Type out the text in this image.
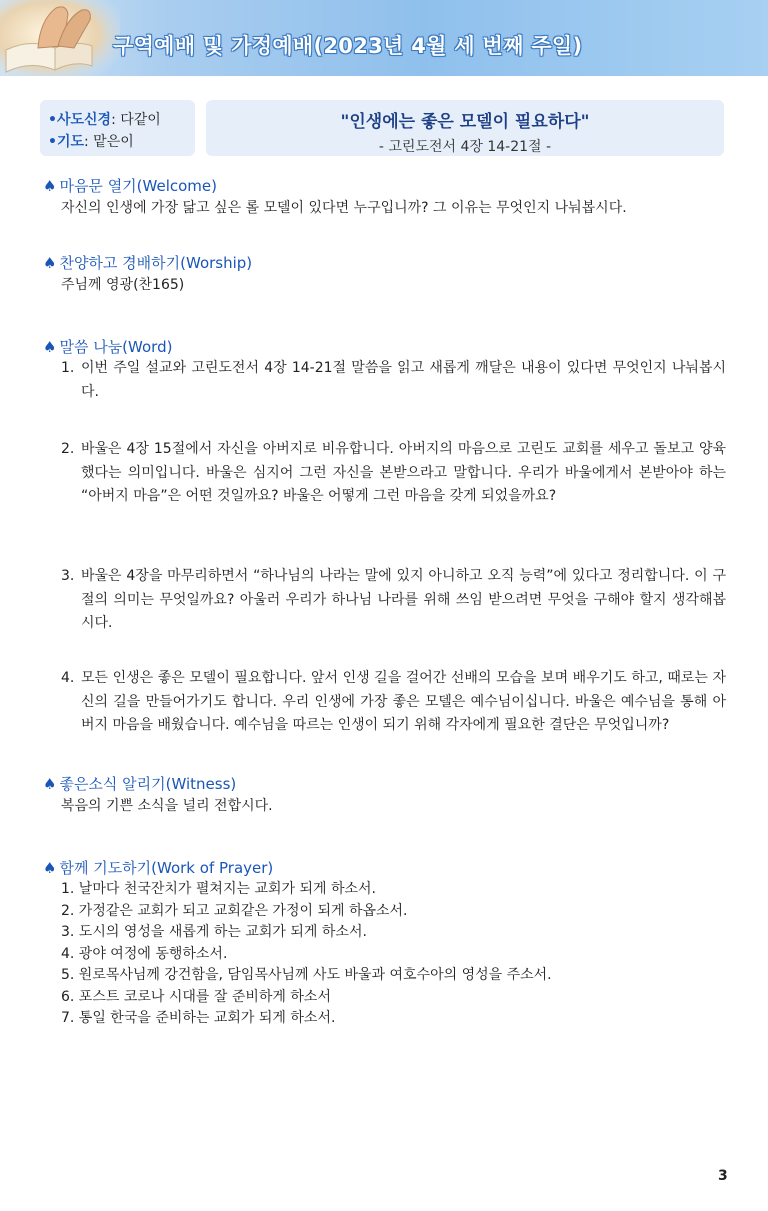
구역예배 및 가정예배(2023년 4월 세 번째 주일)
•사도신경: 다같이
•기도: 맡은이
"인생에는 좋은 모델이 필요하다"
- 고린도전서 4장 14-21절 -
♠ 마음문 열기(Welcome)
자신의 인생에 가장 닮고 싶은 롤 모델이 있다면 누구입니까? 그 이유는 무엇인지 나눠봅시다.
♠ 찬양하고 경배하기(Worship)
주님께 영광(찬165)
♠ 말씀 나눔(Word)
1. 이번 주일 설교와 고린도전서 4장 14-21절 말씀을 읽고 새롭게 깨달은 내용이 있다면 무엇인지 나눠봅시다.
2. 바울은 4장 15절에서 자신을 아버지로 비유합니다. 아버지의 마음으로 고린도 교회를 세우고 돌보고 양육했다는 의미입니다. 바울은 심지어 그런 자신을 본받으라고 말합니다. 우리가 바울에게서 본받아야 하는 “아버지 마음”은 어떤 것일까요? 바울은 어떻게 그런 마음을 갖게 되었을까요?
3. 바울은 4장을 마무리하면서 “하나님의 나라는 말에 있지 아니하고 오직 능력”에 있다고 정리합니다. 이 구절의 의미는 무엇일까요? 아울러 우리가 하나님 나라를 위해 쓰임 받으려면 무엇을 구해야 할지 생각해봅시다.
4. 모든 인생은 좋은 모델이 필요합니다. 앞서 인생 길을 걸어간 선배의 모습을 보며 배우기도 하고, 때로는 자신의 길을 만들어가기도 합니다. 우리 인생에 가장 좋은 모델은 예수님이십니다. 바울은 예수님을 통해 아버지 마음을 배웠습니다. 예수님을 따르는 인생이 되기 위해 각자에게 필요한 결단은 무엇입니까?
♠ 좋은소식 알리기(Witness)
복음의 기쁜 소식을 널리 전합시다.
♠ 함께 기도하기(Work of Prayer)
1. 날마다 천국잔치가 펼쳐지는 교회가 되게 하소서.
2. 가정같은 교회가 되고 교회같은 가정이 되게 하옵소서.
3. 도시의 영성을 새롭게 하는 교회가 되게 하소서.
4. 광야 여정에 동행하소서.
5. 원로목사님께 강건함을, 담임목사님께 사도 바울과 여호수아의 영성을 주소서.
6. 포스트 코로나 시대를 잘 준비하게 하소서
7. 통일 한국을 준비하는 교회가 되게 하소서.
3
